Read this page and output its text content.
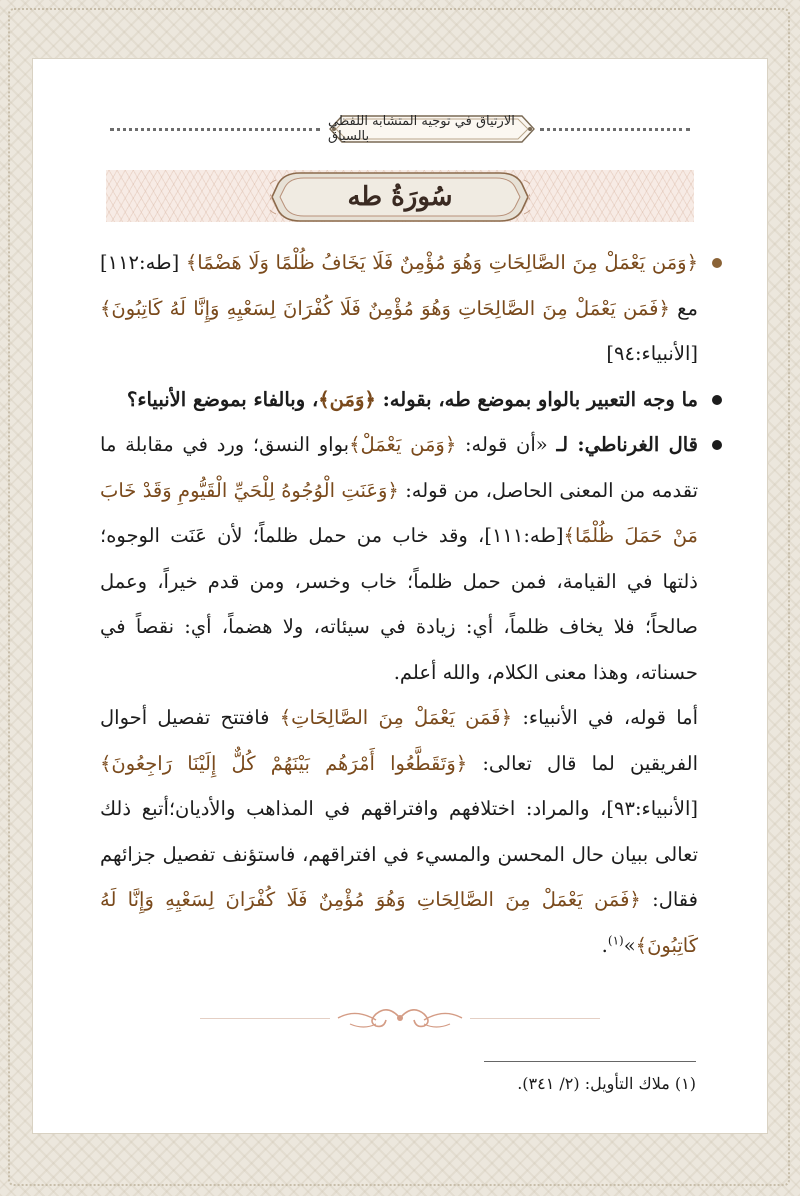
الارتياق في توجيه المتشابه اللفظي بالسياق
سُورَةُ طه

﴿وَمَن يَعْمَلْ مِنَ الصَّالِحَاتِ وَهُوَ مُؤْمِنٌ فَلَا يَخَافُ ظُلْمًا وَلَا هَضْمًا﴾ [طه:١١٢] مع ﴿فَمَن يَعْمَلْ مِنَ الصَّالِحَاتِ وَهُوَ مُؤْمِنٌ فَلَا كُفْرَانَ لِسَعْيِهِ وَإِنَّا لَهُ كَاتِبُونَ﴾ [الأنبياء:٩٤]

ما وجه التعبير بالواو بموضع طه، بقوله: ﴿وَمَن﴾، وبالفاء بموضع الأنبياء؟

قال الغرناطي: لـ «أن قوله: ﴿وَمَن يَعْمَلْ﴾بواو النسق؛ ورد في مقابلة ما تقدمه من المعنى الحاصل، من قوله: ﴿وَعَنَتِ الْوُجُوهُ لِلْحَيِّ الْقَيُّومِ وَقَدْ خَابَ مَنْ حَمَلَ ظُلْمًا﴾[طه:١١١]، وقد خاب من حمل ظلماً؛ لأن عَنَت الوجوه؛ ذلتها في القيامة، فمن حمل ظلماً؛ خاب وخسر، ومن قدم خيراً، وعمل صالحاً؛ فلا يخاف ظلماً، أي: زيادة في سيئاته، ولا هضماً، أي: نقصاً في حسناته، وهذا معنى الكلام، والله أعلم.

أما قوله، في الأنبياء: ﴿فَمَن يَعْمَلْ مِنَ الصَّالِحَاتِ﴾ فافتتح تفصيل أحوال الفريقين لما قال تعالى: ﴿وَتَقَطَّعُوا أَمْرَهُم بَيْنَهُمْ كُلٌّ إِلَيْنَا رَاجِعُونَ﴾ [الأنبياء:٩٣]، والمراد: اختلافهم وافتراقهم في المذاهب والأديان؛أتبع ذلك تعالى ببيان حال المحسن والمسيء في افتراقهم، فاستؤنف تفصيل جزائهم فقال: ﴿فَمَن يَعْمَلْ مِنَ الصَّالِحَاتِ وَهُوَ مُؤْمِنٌ فَلَا كُفْرَانَ لِسَعْيِهِ وَإِنَّا لَهُ كَاتِبُونَ﴾»$^{(١)}$.

(١) ملاك التأويل: (٢/ ٣٤١).
